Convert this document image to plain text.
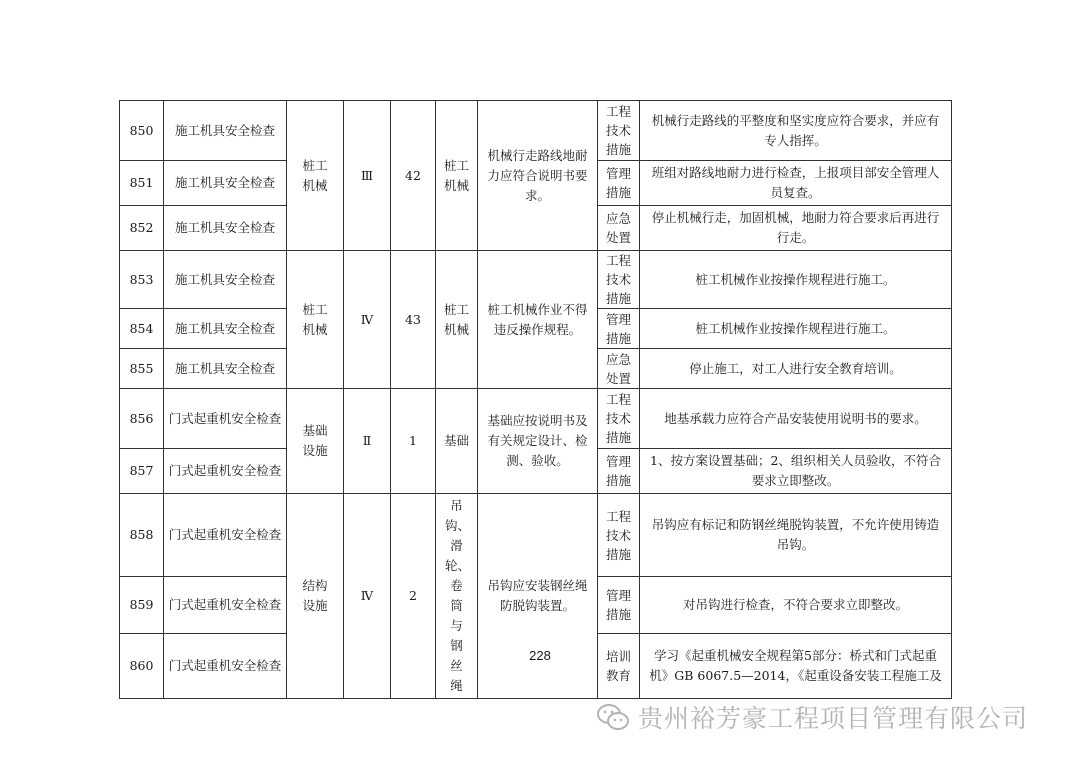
850	施工机具安全检查	桩工机械	Ⅲ	42	桩工机械	机械行走路线地耐力应符合说明书要求。	工程技术措施	机械行走路线的平整度和坚实度应符合要求，并应有专人指挥。
851	施工机具安全检查						管理措施	班组对路线地耐力进行检查，上报项目部安全管理人员复查。
852	施工机具安全检查						应急处置	停止机械行走，加固机械，地耐力符合要求后再进行行走。
853	施工机具安全检查	桩工机械	Ⅳ	43	桩工机械	桩工机械作业不得违反操作规程。	工程技术措施	桩工机械作业按操作规程进行施工。
854	施工机具安全检查						管理措施	桩工机械作业按操作规程进行施工。
855	施工机具安全检查						应急处置	停止施工，对工人进行安全教育培训。
856	门式起重机安全检查	基础设施	Ⅱ	1	基础	基础应按说明书及有关规定设计、检测、验收。	工程技术措施	地基承载力应符合产品安装使用说明书的要求。
857	门式起重机安全检查						管理措施	1、按方案设置基础；2、组织相关人员验收，不符合要求立即整改。
858	门式起重机安全检查	结构设施	Ⅳ	2	吊钩、滑轮、卷筒与钢丝绳	吊钩应安装钢丝绳防脱钩装置。	工程技术措施	吊钩应有标记和防钢丝绳脱钩装置，不允许使用铸造吊钩。
859	门式起重机安全检查						管理措施	对吊钩进行检查，不符合要求立即整改。
860	门式起重机安全检查						培训教育	学习《起重机械安全规程第5部分：桥式和门式起重机》GB 6067.5—2014，《起重设备安装工程施工及
228
贵州裕芳豪工程项目管理有限公司
